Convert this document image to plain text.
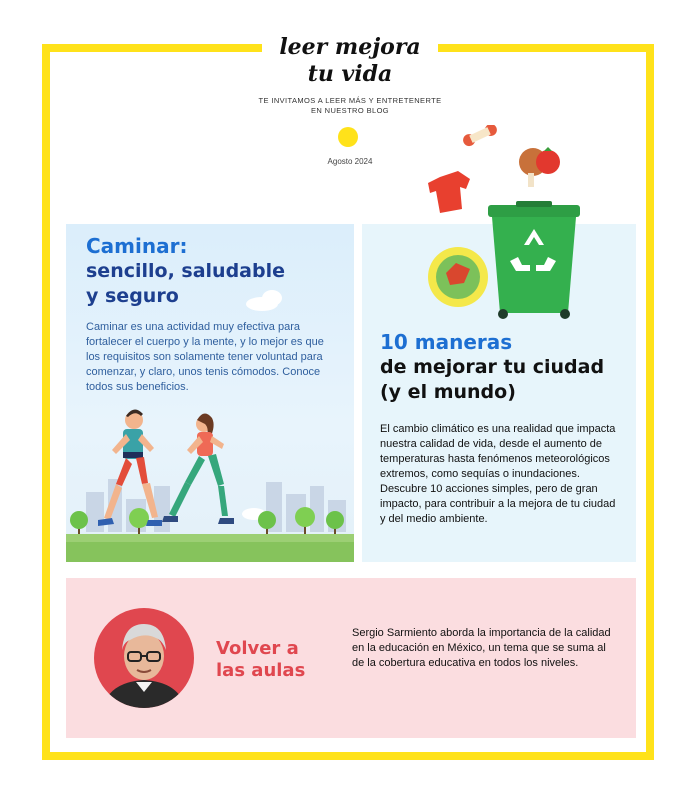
leer mejora
tu vida
TE INVITAMOS A LEER MÁS Y ENTRETENERTE
EN NUESTRO BLOG
Agosto 2024
Caminar:
sencillo, saludable
y seguro

Caminar es una actividad muy efectiva para fortalecer el cuerpo y la mente, y lo mejor es que los requisitos son solamente tener voluntad para comenzar, y claro, unos tenis cómodos. Conoce todos sus beneficios.

10 maneras
de mejorar tu ciudad
(y el mundo)

El cambio climático es una realidad que impacta nuestra calidad de vida, desde el aumento de temperaturas hasta fenómenos meteorológicos extremos, como sequías o inundaciones. Descubre 10 acciones simples, pero de gran impacto, para contribuir a la mejora de tu ciudad y del medio ambiente.

Volver a
las aulas

Sergio Sarmiento aborda la importancia de la calidad en la educación en México, un tema que se suma al de la cobertura educativa en todos los niveles.
